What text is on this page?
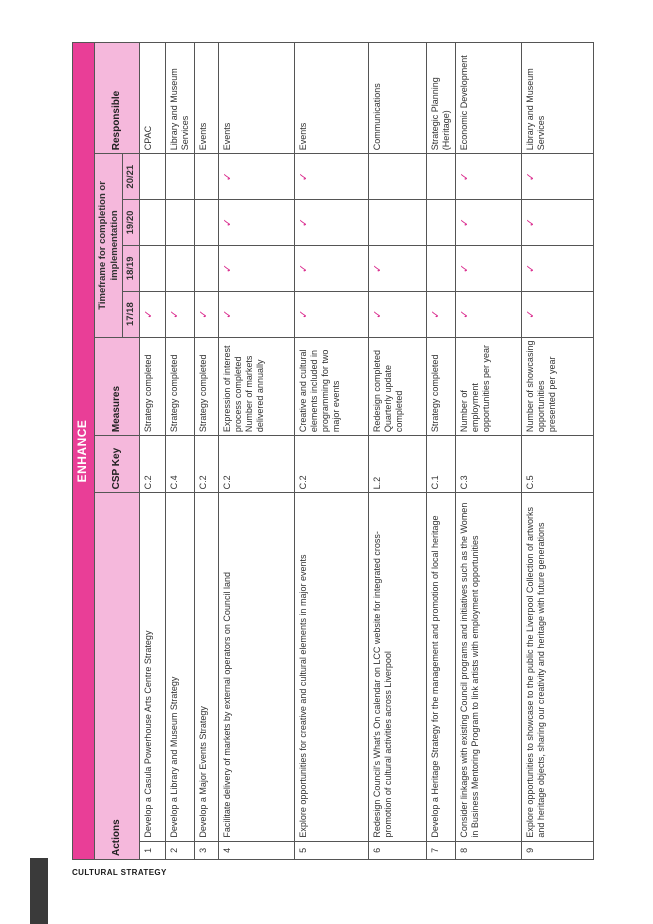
CULTURAL STRATEGY
ENHANCE								
Actions		CSP Key	Measures	Timeframe for completion or implementation				Responsible
				17/18	18/19	19/20	20/21	
1	Develop a Casula Powerhouse Arts Centre Strategy	C.2	Strategy completed	✓				CPAC
2	Develop a Library and Museum Strategy	C.4	Strategy completed	✓				Library and Museum Services
3	Develop a Major Events Strategy	C.2	Strategy completed	✓				Events
4	Facilitate delivery of markets by external operators on Council land	C.2	Expression of interest process completed Number of markets delivered annually	✓	✓	✓	✓	Events
5	Explore opportunities for creative and cultural elements in major events	C.2	Creative and cultural elements included in programming for two major events	✓	✓	✓	✓	Events
6	Redesign Council's What's On calendar on LCC website for integrated cross-promotion of cultural activities across Liverpool	L.2	Redesign completed Quarterly update completed	✓	✓			Communications
7	Develop a Heritage Strategy for the management and promotion of local heritage	C.1	Strategy completed	✓				Strategic Planning (Heritage)
8	Consider linkages with existing Council programs and initiatives such as the Women in Business Mentoring Program to link artists with employment opportunities	C.3	Number of employment opportunities per year	✓	✓	✓	✓	Economic Development
9	Explore opportunities to showcase to the public the Liverpool Collection of artworks and heritage objects, sharing our creativity and heritage with future generations	C.5	Number of showcasing opportunities presented per year	✓	✓	✓	✓	Library and Museum Services
